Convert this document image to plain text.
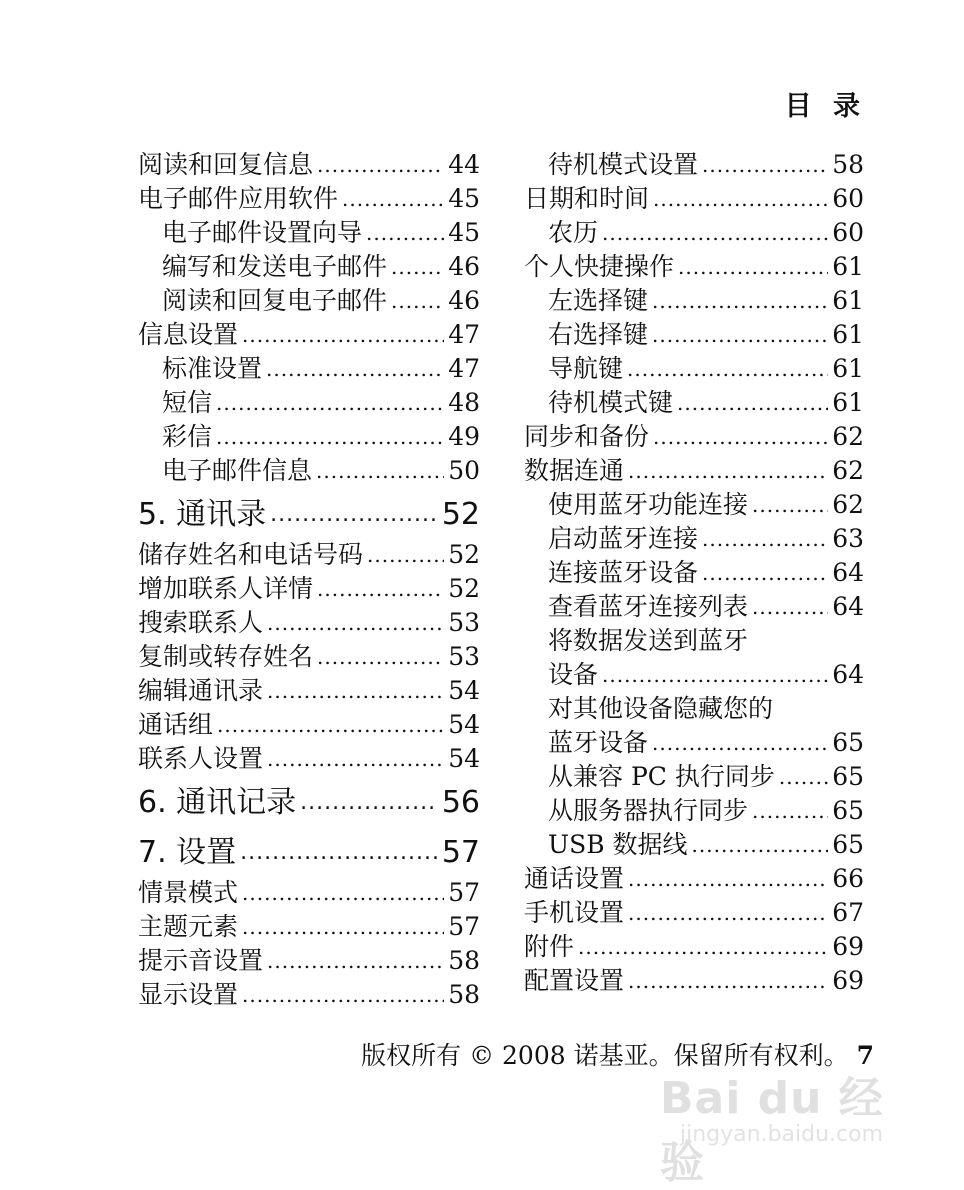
目 录
阅读和回复信息 .....	44
电子邮件应用软件 .....	45
电子邮件设置向导 .....	45
编写和发送电子邮件 ..... 46
阅读和回复电子邮件 ..... 46
信息设置 .....	47
标准设置 .....	47
短信 .....	48
彩信 .....	49
电子邮件信息 .....	50
5. 通讯录 .....	52
储存姓名和电话号码 .....	52
增加联系人详情 .....	52
搜索联系人 .....	53
复制或转存姓名 .....	53
编辑通讯录 .....	54
通话组 .....	54
联系人设置 .....	54
6. 通讯记录 .....	56
7. 设置 .....	57
情景模式 .....	57
主题元素 .....	57
提示音设置 .....	58
显示设置 .....	58
待机模式设置 .....	58
日期和时间 .....	60
农历 .....	60
个人快捷操作 .....	61
左选择键 .....	61
右选择键 .....	61
导航键 .....	61
待机模式键 .....	61
同步和备份 .....	62
数据连通 .....	62
使用蓝牙功能连接 .....	62
启动蓝牙连接 .....	63
连接蓝牙设备 .....	64
查看蓝牙连接列表 .....	64
将数据发送到蓝牙
设备 .....	64
对其他设备隐藏您的
蓝牙设备 .....	65
从兼容 PC 执行同步 ..... 65
从服务器执行同步 .....	65
USB 数据线 .....	65
通话设置 .....	66
手机设置 .....	67
附件 .....	69
配置设置 .....	69
版权所有 © 2008 诺基亚。保留所有权利。 7
Bai du 经验
jingyan.baidu.com
